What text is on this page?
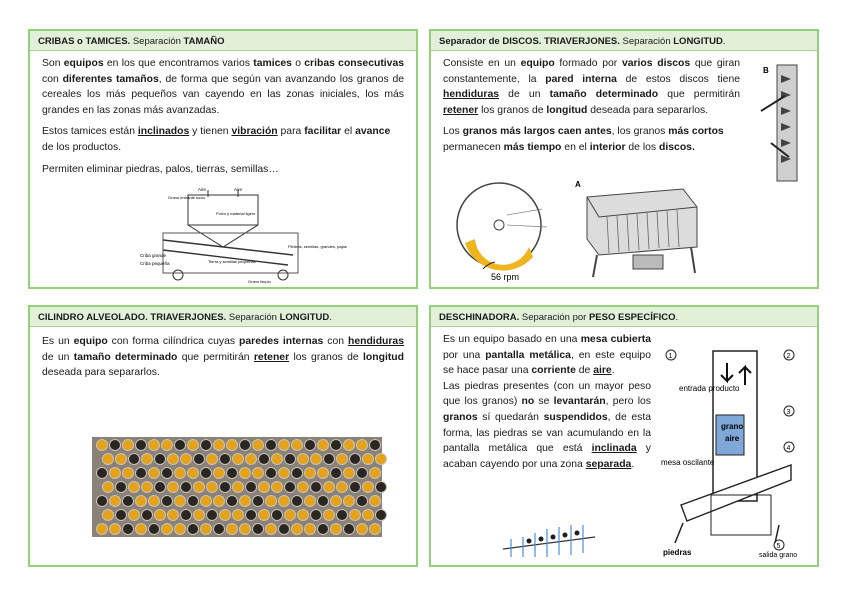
CRIBAS o TAMICES. Separación TAMAÑO

Son equipos en los que encontramos varios tamices o cribas consecutivas con diferentes tamaños, de forma que según van avanzando los granos de cereales los más pequeños van cayendo en las zonas iniciales, los más grandes en las zonas más avanzadas.

Estos tamices están inclinados y tienen vibración para facilitar el avance de los productos.

Permiten eliminar piedras, palos, tierras, semillas…

Aire	Aire
Grano entrante sucio
Polvo y material ligero
Piedras, semillas, grandes, pajas
Tierra y semillas pequeñas
Criba grande
Criba pequeña
Grano limpio
Separador de DISCOS. TRIAVERJONES. Separación LONGITUD.

Consiste en un equipo formado por varios discos que giran constantemente, la pared interna de estos discos tiene hendiduras de un tamaño determinado que permitirán retener los granos de longitud deseada para separarlos.

Los granos más largos caen antes, los granos más cortos permanecen más tiempo en el interior de los discos.

56 rpm
A
B
CILINDRO ALVEOLADO. TRIAVERJONES. Separación LONGITUD.

Es un equipo con forma cilíndrica cuyas paredes internas con hendiduras de un tamaño determinado que permitirán retener los granos de longitud deseada para separarlos.

DESCHINADORA. Separación por PESO ESPECÍFICO.

Es un equipo basado en una mesa cubierta por una pantalla metálica, en este equipo se hace pasar una corriente de aire.

Las piedras presentes (con un mayor peso que los granos) no se levantarán, pero los granos sí quedarán suspendidos, de esta forma, las piedras se van acumulando en la pantalla metálica que está inclinada y acaban cayendo por una zona separada.

1	2
3
4
5
entrada producto
grano
aire
mesa oscilante
piedras	salida grano
